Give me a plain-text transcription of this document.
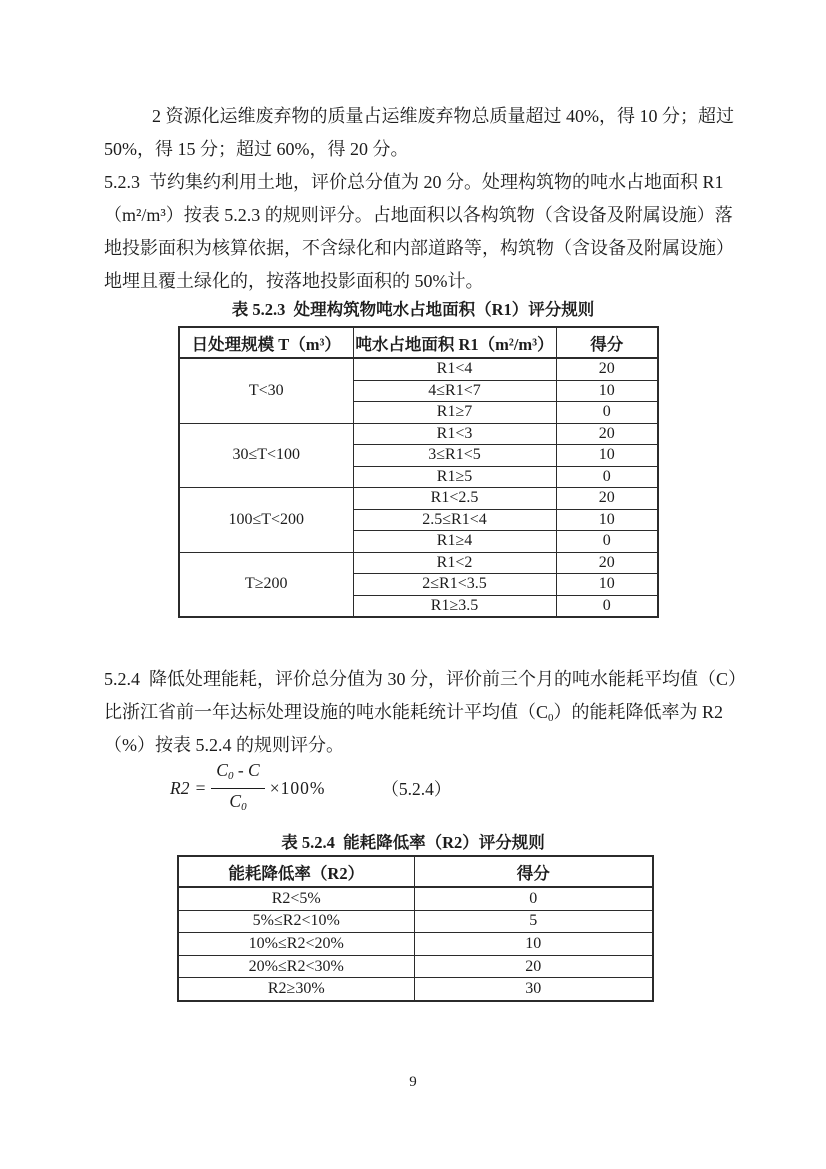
2 资源化运维废弃物的质量占运维废弃物总质量超过 40%，得 10 分；超过
50%，得 15 分；超过 60%，得 20 分。
5.2.3  节约集约利用土地，评价总分值为 20 分。处理构筑物的吨水占地面积 R1
（m²/m³）按表 5.2.3 的规则评分。占地面积以各构筑物（含设备及附属设施）落
地投影面积为核算依据，不含绿化和内部道路等，构筑物（含设备及附属设施）
地埋且覆土绿化的，按落地投影面积的 50%计。
表 5.2.3  处理构筑物吨水占地面积（R1）评分规则
日处理规模 T（m³）	吨水占地面积 R1（m²/m³）	得分
T<30	R1<4	20
	4≤R1<7	10
	R1≥7	0
30≤T<100	R1<3	20
	3≤R1<5	10
	R1≥5	0
100≤T<200	R1<2.5	20
	2.5≤R1<4	10
	R1≥4	0
T≥200	R1<2	20
	2≤R1<3.5	10
	R1≥3.5	0
5.2.4  降低处理能耗，评价总分值为 30 分，评价前三个月的吨水能耗平均值（C）
比浙江省前一年达标处理设施的吨水能耗统计平均值$(C_0)$的能耗降低率为 R2
（%）按表 5.2.4 的规则评分。
$R2 = \frac{C_0 - C}{C_0} \times 100\%$	（5.2.4）
表 5.2.4  能耗降低率（R2）评分规则
能耗降低率（R2）	得分
R2<5%	0
5%≤R2<10%	5
10%≤R2<20%	10
20%≤R2<30%	20
R2≥30%	30
9
